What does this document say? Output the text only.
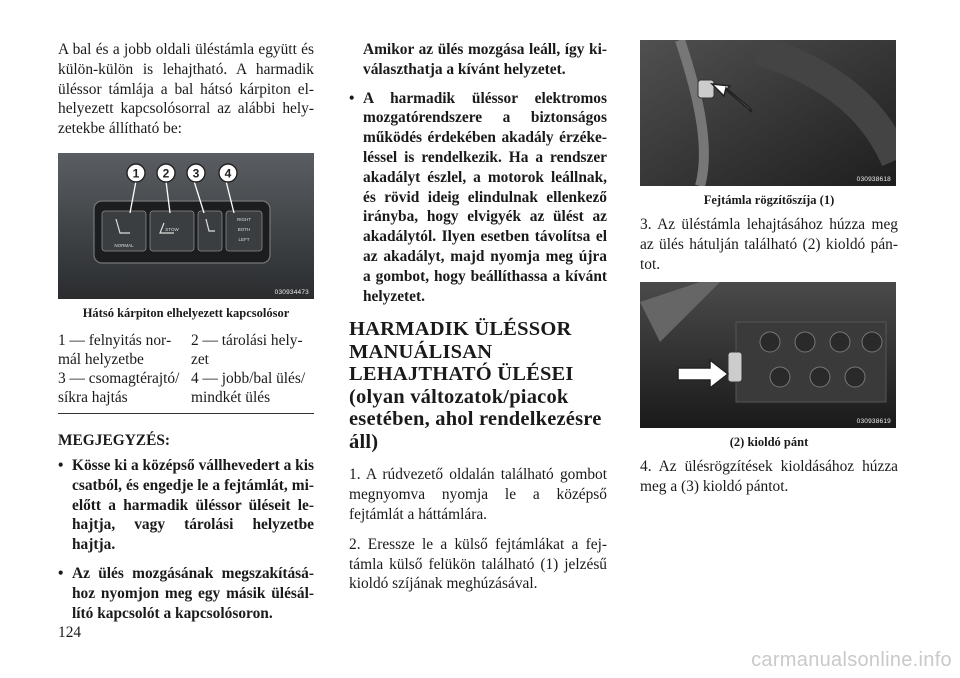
A bal és a jobb oldali üléstámla együtt és külön-külön is lehajtható. A harmadik üléssor támlája a bal hátsó kárpiton elhelyezett kapcsolósorral az alábbi helyzetekbe állítható be:

NORMAL
STOW
RIGHT
BOTH
LEFT
1 2 3 4
030934473
Hátsó kárpiton elhelyezett kapcsolósor
1 — felnyitás normál helyzetbe
2 — tárolási helyzet
3 — csomagtérajtó/ síkra hajtás
4 — jobb/bal ülés/ mindkét ülés
MEGJEGYZÉS:
• Kösse ki a középső vállhevedert a kis csatból, és engedje le a fejtámlát, mielőtt a harmadik üléssor üléseit lehajtja, vagy tárolási helyzetbe hajtja.
• Az ülés mozgásának megszakításához nyomjon meg egy másik ülésállító kapcsolót a kapcsolósoron.

Amikor az ülés mozgása leáll, így kiválaszthatja a kívánt helyzetet.

• A harmadik üléssor elektromos mozgatórendszere a biztonságos működés érdekében akadály érzékeléssel is rendelkezik. Ha a rendszer akadályt észlel, a motorok leállnak, és rövid ideig elindulnak ellenkező irányba, hogy elvigyék az ülést az akadálytól. Ilyen esetben távolítsa el az akadályt, majd nyomja meg újra a gombot, hogy beállíthassa a kívánt helyzetet.
HARMADIK ÜLÉSSOR MANUÁLISAN LEHAJTHATÓ ÜLÉSEI (olyan változatok/piacok esetében, ahol rendelkezésre áll)

1. A rúdvezető oldalán található gombot megnyomva nyomja le a középső fejtámlát a háttámlára.

2. Eressze le a külső fejtámlákat a fejtámla külső felükön található (1) jelzésű kioldó szíjának meghúzásával.

030938618
Fejtámla rögzítőszíja (1)

3. Az üléstámla lehajtásához húzza meg az ülés hátulján található (2) kioldó pántot.

030938619
(2) kioldó pánt

4. Az ülésrögzítések kioldásához húzza meg a (3) kioldó pántot.

124
carmanualsonline.info
